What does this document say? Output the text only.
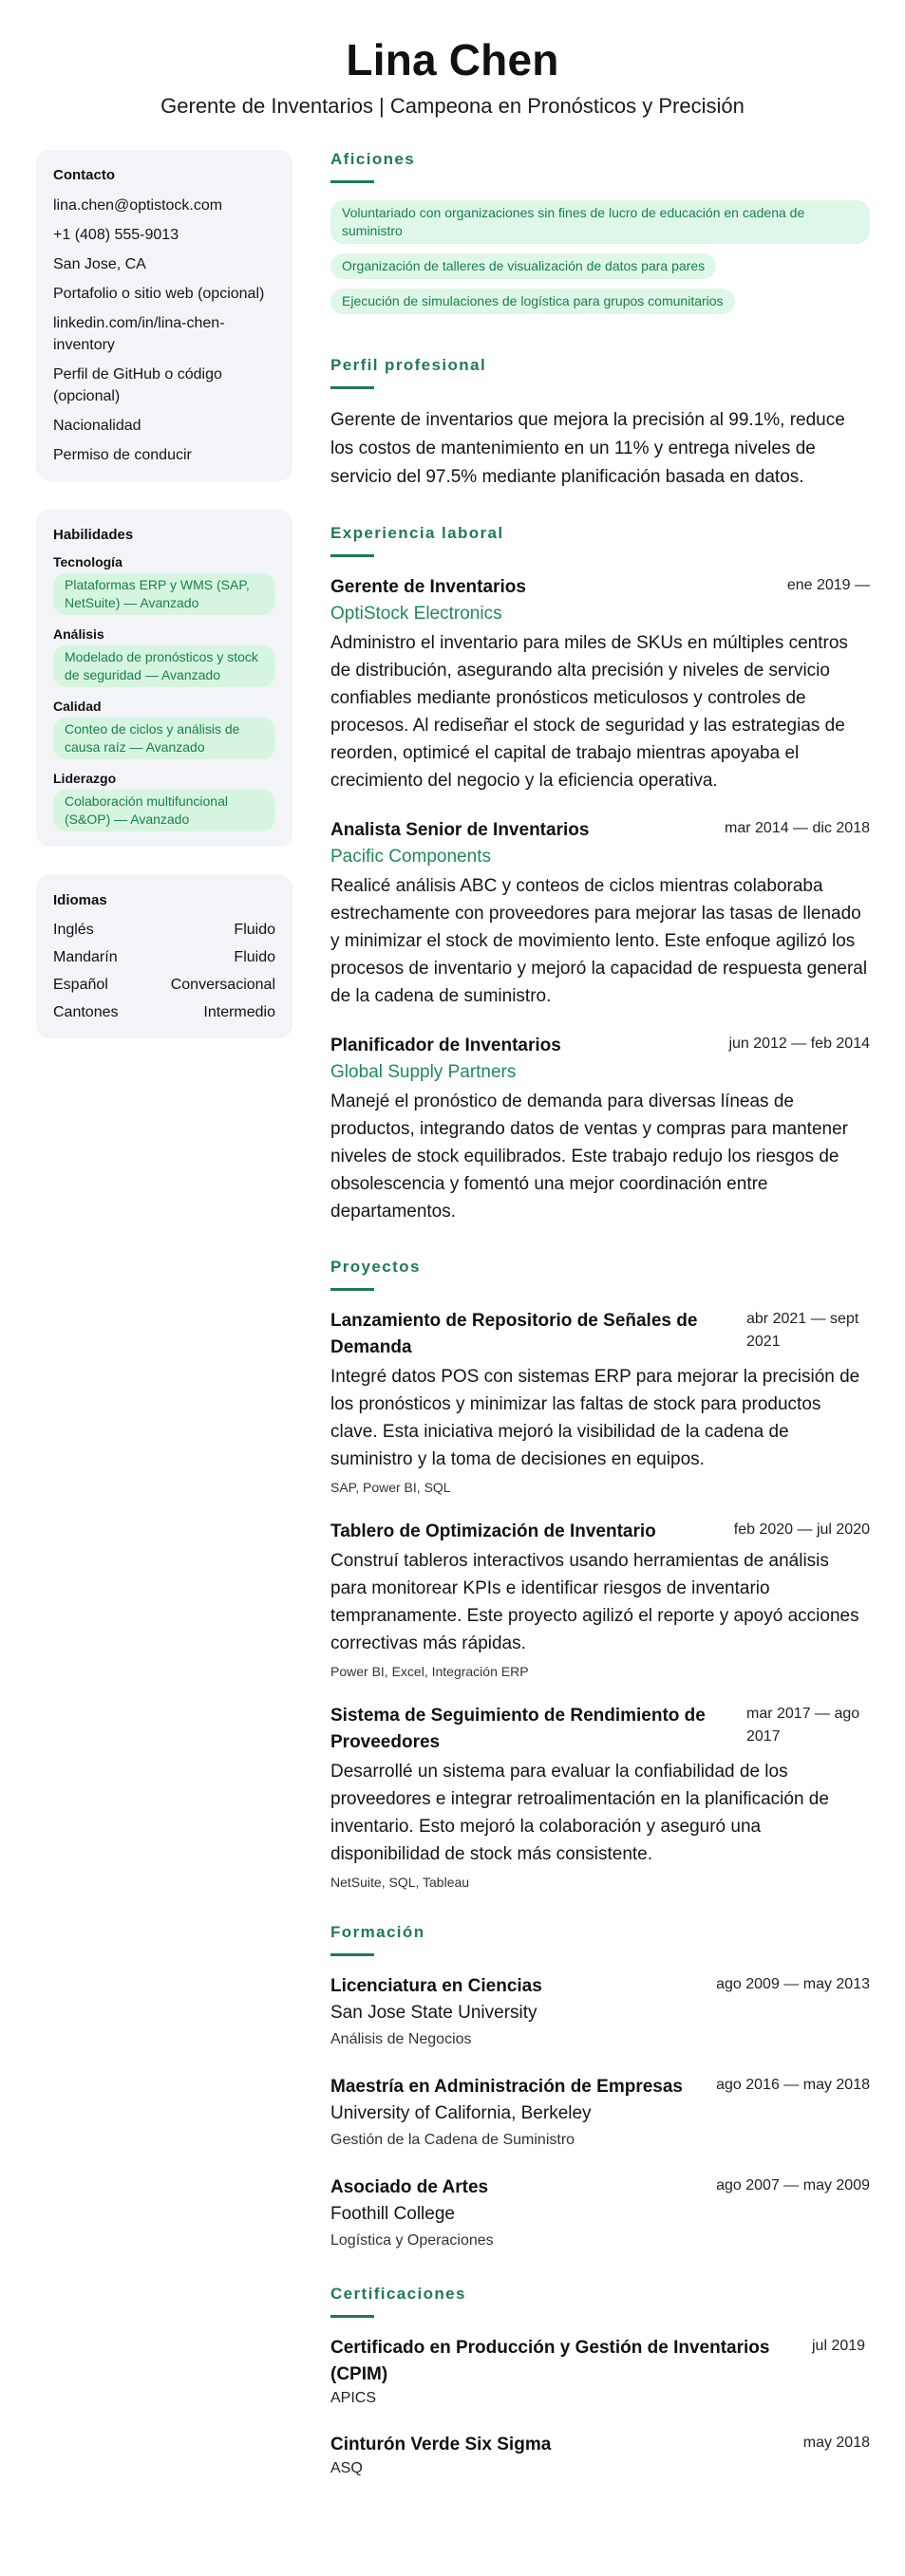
Lina Chen
Gerente de Inventarios | Campeona en Pronósticos y Precisión
Contacto
lina.chen@optistock.com
+1 (408) 555-9013
San Jose, CA
Portafolio o sitio web (opcional)
linkedin.com/in/lina-chen-inventory
Perfil de GitHub o código (opcional)
Nacionalidad
Permiso de conducir
Habilidades
Tecnología
Plataformas ERP y WMS (SAP, NetSuite) — Avanzado
Análisis
Modelado de pronósticos y stock de seguridad — Avanzado
Calidad
Conteo de ciclos y análisis de causa raíz — Avanzado
Liderazgo
Colaboración multifuncional (S&OP) — Avanzado
Idiomas
Inglés	Fluido
Mandarín	Fluido
Español	Conversacional
Cantones	Intermedio
Aficiones
Voluntariado con organizaciones sin fines de lucro de educación en cadena de suministro
Organización de talleres de visualización de datos para pares
Ejecución de simulaciones de logística para grupos comunitarios
Perfil profesional
Gerente de inventarios que mejora la precisión al 99.1%, reduce los costos de mantenimiento en un 11% y entrega niveles de servicio del 97.5% mediante planificación basada en datos.
Experiencia laboral
Gerente de Inventarios	ene 2019 —
OptiStock Electronics
Administro el inventario para miles de SKUs en múltiples centros de distribución, asegurando alta precisión y niveles de servicio confiables mediante pronósticos meticulosos y controles de procesos. Al rediseñar el stock de seguridad y las estrategias de reorden, optimicé el capital de trabajo mientras apoyaba el crecimiento del negocio y la eficiencia operativa.
Analista Senior de Inventarios	mar 2014 — dic 2018
Pacific Components
Realicé análisis ABC y conteos de ciclos mientras colaboraba estrechamente con proveedores para mejorar las tasas de llenado y minimizar el stock de movimiento lento. Este enfoque agilizó los procesos de inventario y mejoró la capacidad de respuesta general de la cadena de suministro.
Planificador de Inventarios	jun 2012 — feb 2014
Global Supply Partners
Manejé el pronóstico de demanda para diversas líneas de productos, integrando datos de ventas y compras para mantener niveles de stock equilibrados. Este trabajo redujo los riesgos de obsolescencia y fomentó una mejor coordinación entre departamentos.
Proyectos
Lanzamiento de Repositorio de Señales de Demanda
abr 2021 — sept 2021
Integré datos POS con sistemas ERP para mejorar la precisión de los pronósticos y minimizar las faltas de stock para productos clave. Esta iniciativa mejoró la visibilidad de la cadena de suministro y la toma de decisiones en equipos.
SAP, Power BI, SQL
Tablero de Optimización de Inventario	feb 2020 — jul 2020
Construí tableros interactivos usando herramientas de análisis para monitorear KPIs e identificar riesgos de inventario tempranamente. Este proyecto agilizó el reporte y apoyó acciones correctivas más rápidas.
Power BI, Excel, Integración ERP
Sistema de Seguimiento de Rendimiento de Proveedores
mar 2017 — ago 2017
Desarrollé un sistema para evaluar la confiabilidad de los proveedores e integrar retroalimentación en la planificación de inventario. Esto mejoró la colaboración y aseguró una disponibilidad de stock más consistente.
NetSuite, SQL, Tableau
Formación
Licenciatura en Ciencias	ago 2009 — may 2013
San Jose State University
Análisis de Negocios
Maestría en Administración de Empresas	ago 2016 — may 2018
University of California, Berkeley
Gestión de la Cadena de Suministro
Asociado de Artes	ago 2007 — may 2009
Foothill College
Logística y Operaciones
Certificaciones
Certificado en Producción y Gestión de Inventarios (CPIM)
jul 2019
APICS
Cinturón Verde Six Sigma	may 2018
ASQ
